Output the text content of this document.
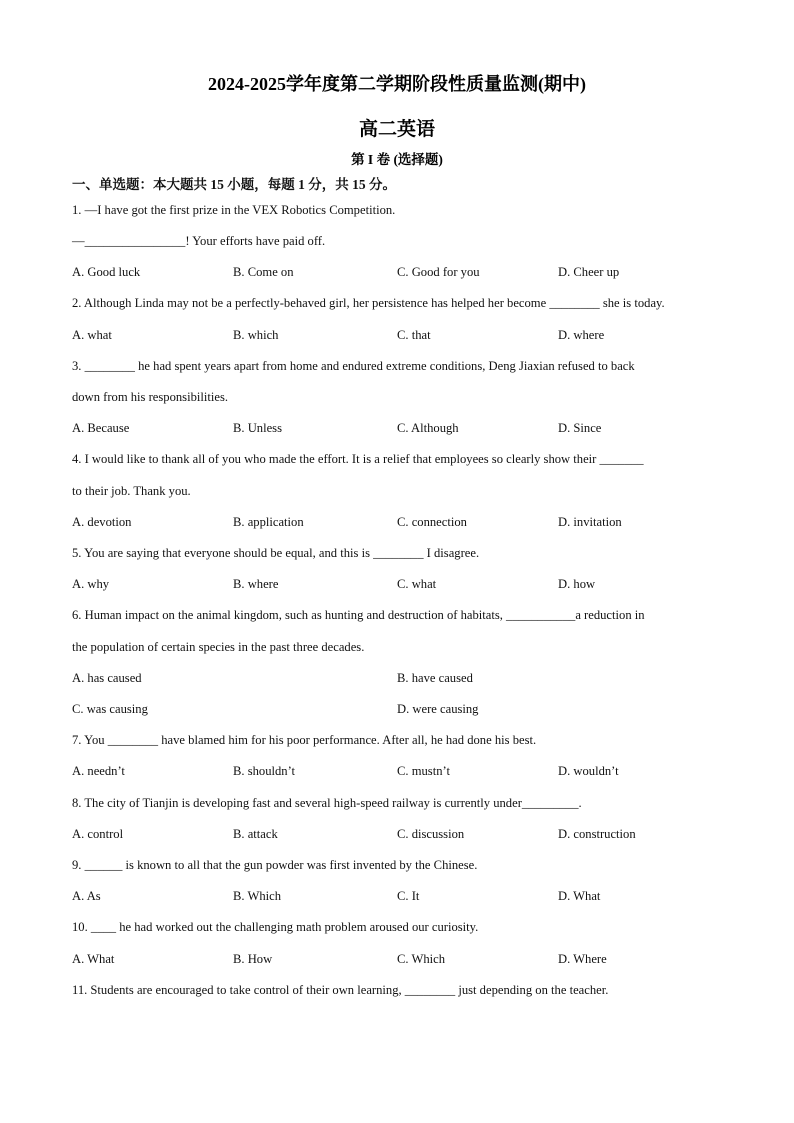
2024-2025学年度第二学期阶段性质量监测(期中)
高二英语
第 I 卷 (选择题)
一、单选题：本大题共 15 小题，每题 1 分，共 15 分。
1. —I have got the first prize in the VEX Robotics Competition.
—________________! Your efforts have paid off.
A. Good luck	B. Come on	C. Good for you	D. Cheer up
2. Although Linda may not be a perfectly-behaved girl, her persistence has helped her become ________ she is today.
A. what	B. which	C. that	D. where
3. ________ he had spent years apart from home and endured extreme conditions, Deng Jiaxian refused to back
down from his responsibilities.
A. Because	B. Unless	C. Although	D. Since
4. I would like to thank all of you who made the effort. It is a relief that employees so clearly show their _______
to their job. Thank you.
A. devotion	B. application	C. connection	D. invitation
5. You are saying that everyone should be equal, and this is ________ I disagree.
A. why	B. where	C. what	D. how
6. Human impact on the animal kingdom, such as hunting and destruction of habitats, ___________a reduction in
the population of certain species in the past three decades.
A. has caused	B. have caused
C. was causing	D. were causing
7. You ________ have blamed him for his poor performance. After all, he had done his best.
A. needn’t	B. shouldn’t	C. mustn’t	D. wouldn’t
8. The city of Tianjin is developing fast and several high-speed railway is currently under_________.
A. control	B. attack	C. discussion	D. construction
9. ______ is known to all that the gun powder was first invented by the Chinese.
A. As	B. Which	C. It	D. What
10. ____ he had worked out the challenging math problem aroused our curiosity.
A. What	B. How	C. Which	D. Where
11. Students are encouraged to take control of their own learning, ________ just depending on the teacher.
